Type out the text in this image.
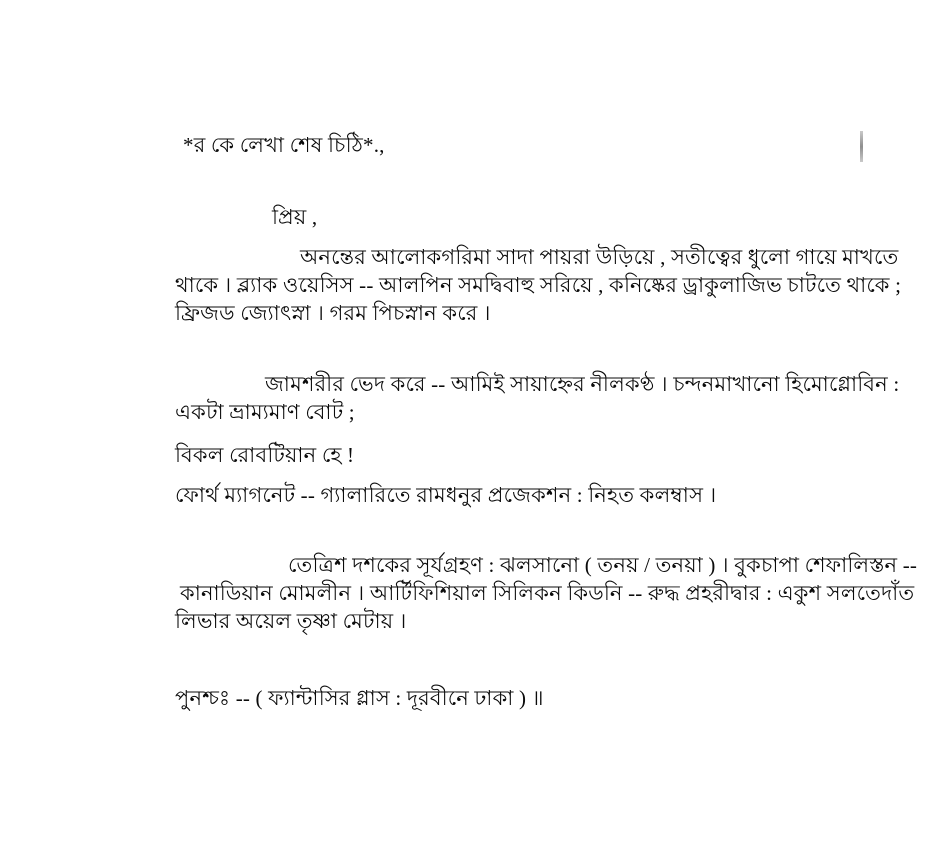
*র কে লেখা শেষ চিঠি*.,
প্রিয় ,
অনন্তের আলোকগরিমা সাদা পায়রা উড়িয়ে , সতীত্বের ধুলো গায়ে মাখতে
থাকে । ব্ল্যাক ওয়েসিস -- আলপিন সমদ্বিবাহু সরিয়ে , কনিষ্কের ড্রাকুলাজিভ চাটতে থাকে ;
ফ্রিজড জ্যোৎস্না । গরম পিচস্নান করে ।
জামশরীর ভেদ করে -- আমিই সায়াহ্নের নীলকণ্ঠ । চন্দনমাখানো হিমোগ্লোবিন :
একটা ভ্রাম্যমাণ বোট ;
বিকল রোবটিয়ান হে !
ফোর্থ ম্যাগনেট -- গ্যালারিতে রামধনুর প্রজেকশন : নিহত কলম্বাস ।
তেত্রিশ দশকের সূর্যগ্রহণ : ঝলসানো ( তনয় / তনয়া ) । বুকচাপা শেফালিস্তন --
কানাডিয়ান মোমলীন । আর্টিফিশিয়াল সিলিকন কিডনি -- রুদ্ধ প্রহরীদ্বার : একুশ সলতেদাঁত
লিভার অয়েল তৃষ্ণা মেটায় ।
পুনশ্চঃ -- ( ফ্যান্টাসির গ্লাস : দূরবীনে ঢাকা ) ॥
